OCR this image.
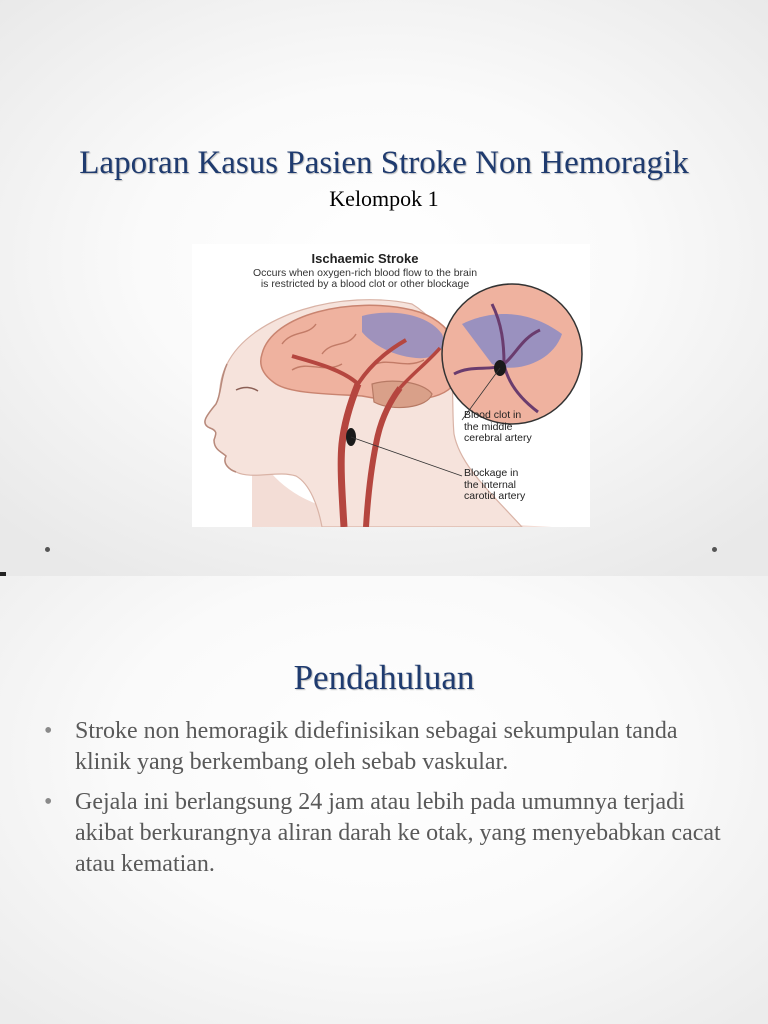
Laporan Kasus Pasien Stroke Non Hemoragik
Kelompok 1
Ischaemic Stroke
Occurs when oxygen-rich blood flow to the brain
is restricted by a blood clot or other blockage
Blood clot in
the middle
cerebral artery
Blockage in
the internal
carotid artery
Pendahuluan
• Stroke non hemoragik didefinisikan sebagai sekumpulan tanda klinik yang berkembang oleh sebab vaskular.
• Gejala ini berlangsung 24 jam atau lebih pada umumnya terjadi akibat berkurangnya aliran darah ke otak, yang menyebabkan cacat atau kematian.
